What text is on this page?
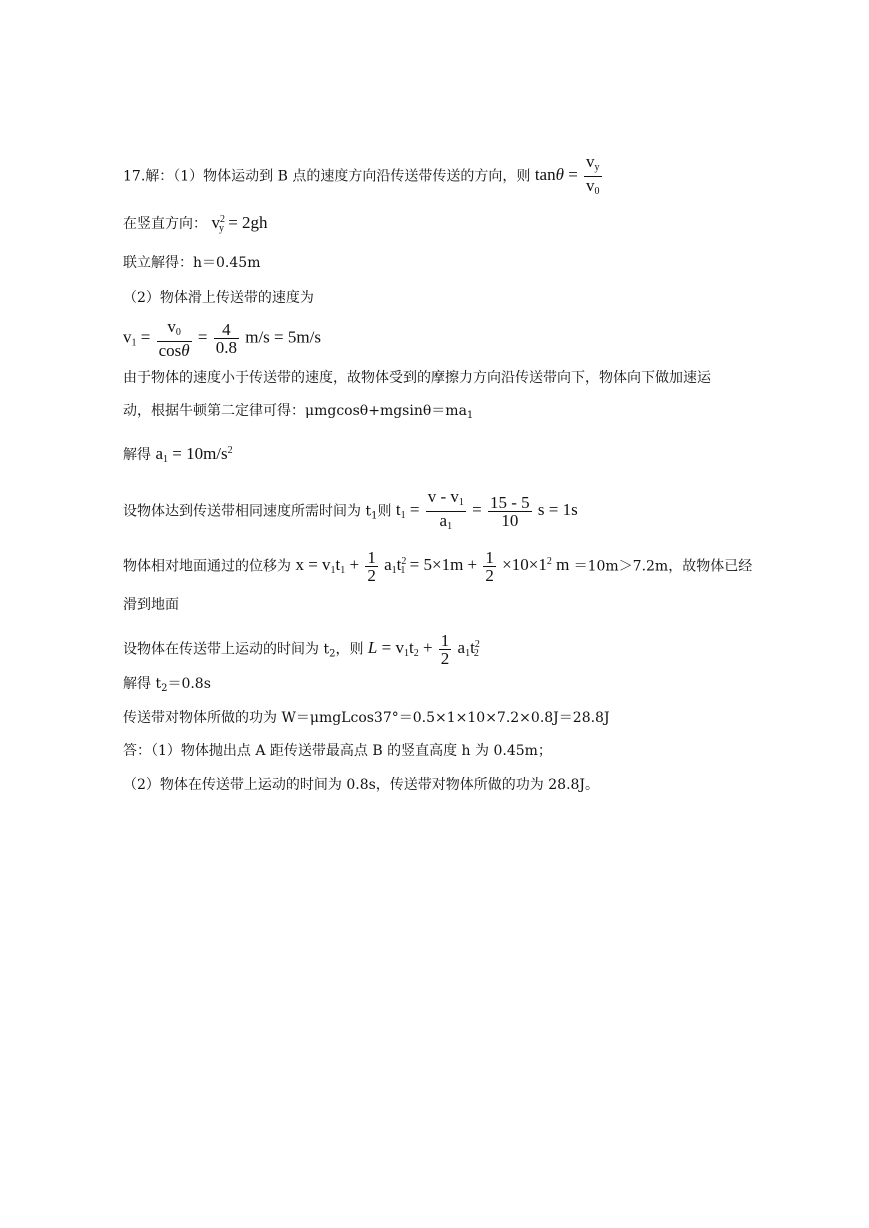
17.解：（1）物体运动到 B 点的速度方向沿传送带传送的方向，则 $\tan\theta = \frac{v_y}{v_0}$
在竖直方向： $v^2_y = 2gh$
联立解得：h＝0.45m
（2）物体滑上传送带的速度为
$v_1 = \frac{v_0}{\cos\theta} = \frac{4}{0.8} m/s = 5m/s$
由于物体的速度小于传送带的速度，故物体受到的摩擦力方向沿传送带向下，物体向下做加速运
动，根据牛顿第二定律可得：$\mu mgcos\theta+mgsin\theta=ma_1$
解得 $a_1 = 10m/s^2$
设物体达到传送带相同速度所需时间为 $t_1$则 $t_1 = \frac{v - v_1}{a_1} = \frac{15 - 5}{10}$ s = 1s
物体相对地面通过的位移为 $x = v_1t_1 + \frac{1}{2} a_1t^2_1 = 5\times 1m + \frac{1}{2} \times 10\times 1^2$ m ＝10m＞7.2m，故物体已经
滑到地面
设物体在传送带上运动的时间为 $t_2$，则 $L = v_1t_2 + \frac{1}{2} a_1t^2_2$
解得 $t_2=0.8s$
传送带对物体所做的功为 W＝μmgLcos37°＝0.5×1×10×7.2×0.8J＝28.8J
答：（1）物体抛出点 A 距传送带最高点 B 的竖直高度 h 为 0.45m；
（2）物体在传送带上运动的时间为 0.8s，传送带对物体所做的功为 28.8J。
